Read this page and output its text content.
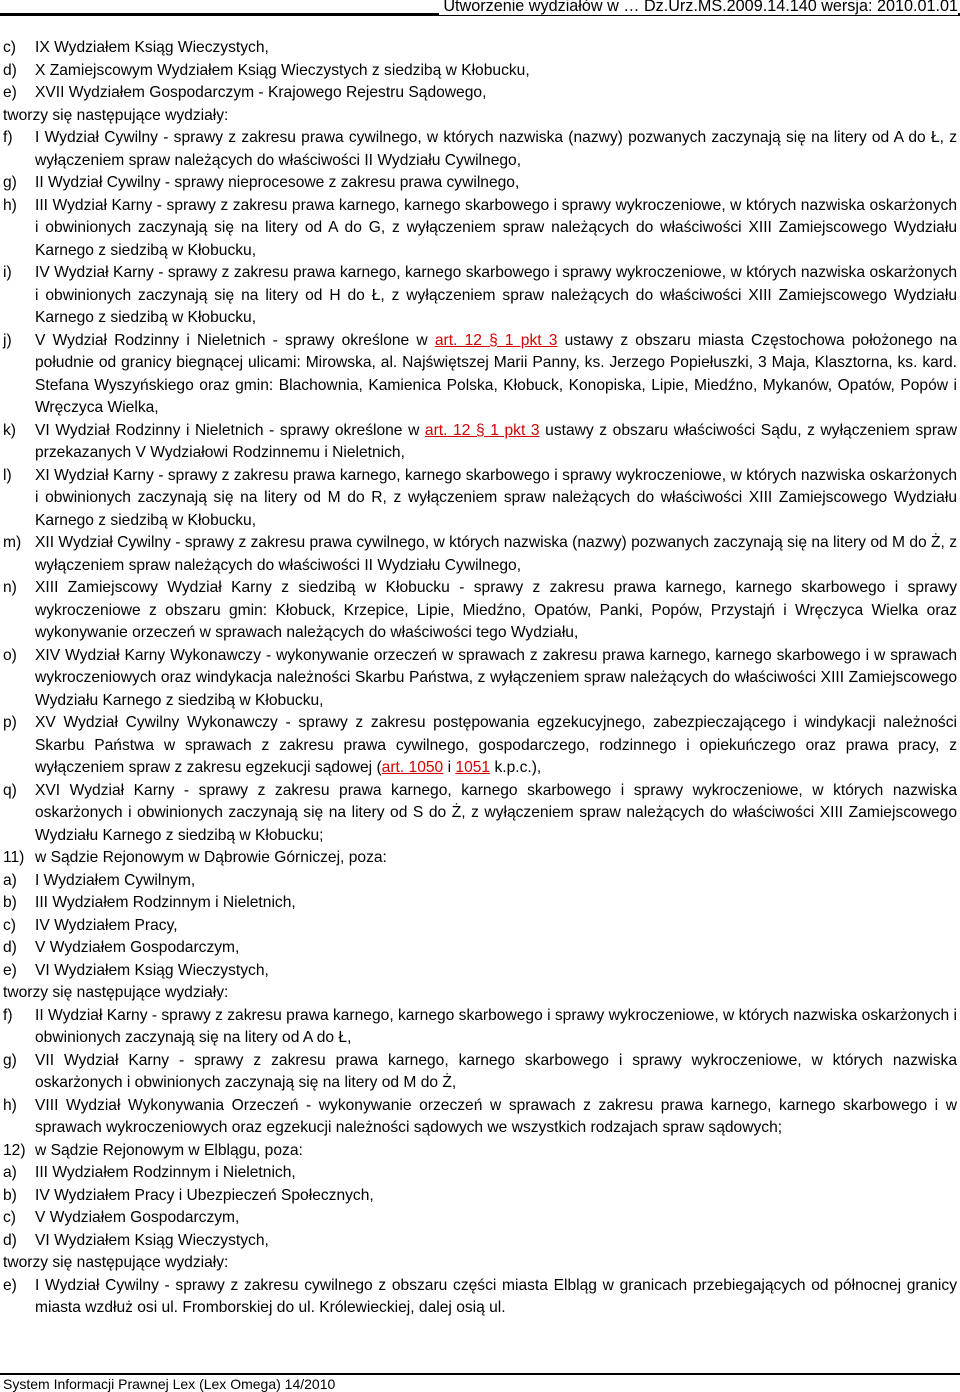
Utworzenie wydziałów w … Dz.Urz.MS.2009.14.140 wersja: 2010.01.01
c) IX Wydziałem Ksiąg Wieczystych,
d) X Zamiejscowym Wydziałem Ksiąg Wieczystych z siedzibą w Kłobucku,
e) XVII Wydziałem Gospodarczym - Krajowego Rejestru Sądowego,
tworzy się następujące wydziały:
f) I Wydział Cywilny - sprawy z zakresu prawa cywilnego, w których nazwiska (nazwy) pozwanych zaczynają się na litery od A do Ł, z wyłączeniem spraw należących do właściwości II Wydziału Cywilnego,
g) II Wydział Cywilny - sprawy nieprocesowe z zakresu prawa cywilnego,
h) III Wydział Karny - sprawy z zakresu prawa karnego, karnego skarbowego i sprawy wykroczeniowe, w których nazwiska oskarżonych i obwinionych zaczynają się na litery od A do G, z wyłączeniem spraw należących do właściwości XIII Zamiejscowego Wydziału Karnego z siedzibą w Kłobucku,
i) IV Wydział Karny - sprawy z zakresu prawa karnego, karnego skarbowego i sprawy wykroczeniowe, w których nazwiska oskarżonych i obwinionych zaczynają się na litery od H do Ł, z wyłączeniem spraw należących do właściwości XIII Zamiejscowego Wydziału Karnego z siedzibą w Kłobucku,
j) V Wydział Rodzinny i Nieletnich - sprawy określone w art. 12 § 1 pkt 3 ustawy z obszaru miasta Częstochowa położonego na południe od granicy biegnącej ulicami: Mirowska, al. Najświętszej Marii Panny, ks. Jerzego Popiełuszki, 3 Maja, Klasztorna, ks. kard. Stefana Wyszyńskiego oraz gmin: Blachownia, Kamienica Polska, Kłobuck, Konopiska, Lipie, Miedźno, Mykanów, Opatów, Popów i Wręczyca Wielka,
k) VI Wydział Rodzinny i Nieletnich - sprawy określone w art. 12 § 1 pkt 3 ustawy z obszaru właściwości Sądu, z wyłączeniem spraw przekazanych V Wydziałowi Rodzinnemu i Nieletnich,
l) XI Wydział Karny - sprawy z zakresu prawa karnego, karnego skarbowego i sprawy wykroczeniowe, w których nazwiska oskarżonych i obwinionych zaczynają się na litery od M do R, z wyłączeniem spraw należących do właściwości XIII Zamiejscowego Wydziału Karnego z siedzibą w Kłobucku,
m) XII Wydział Cywilny - sprawy z zakresu prawa cywilnego, w których nazwiska (nazwy) pozwanych zaczynają się na litery od M do Ż, z wyłączeniem spraw należących do właściwości II Wydziału Cywilnego,
n) XIII Zamiejscowy Wydział Karny z siedzibą w Kłobucku - sprawy z zakresu prawa karnego, karnego skarbowego i sprawy wykroczeniowe z obszaru gmin: Kłobuck, Krzepice, Lipie, Miedźno, Opatów, Panki, Popów, Przystajń i Wręczyca Wielka oraz wykonywanie orzeczeń w sprawach należących do właściwości tego Wydziału,
o) XIV Wydział Karny Wykonawczy - wykonywanie orzeczeń w sprawach z zakresu prawa karnego, karnego skarbowego i w sprawach wykroczeniowych oraz windykacja należności Skarbu Państwa, z wyłączeniem spraw należących do właściwości XIII Zamiejscowego Wydziału Karnego z siedzibą w Kłobucku,
p) XV Wydział Cywilny Wykonawczy - sprawy z zakresu postępowania egzekucyjnego, zabezpieczającego i windykacji należności Skarbu Państwa w sprawach z zakresu prawa cywilnego, gospodarczego, rodzinnego i opiekuńczego oraz prawa pracy, z wyłączeniem spraw z zakresu egzekucji sądowej (art. 1050 i 1051 k.p.c.),
q) XVI Wydział Karny - sprawy z zakresu prawa karnego, karnego skarbowego i sprawy wykroczeniowe, w których nazwiska oskarżonych i obwinionych zaczynają się na litery od S do Ż, z wyłączeniem spraw należących do właściwości XIII Zamiejscowego Wydziału Karnego z siedzibą w Kłobucku;
11) w Sądzie Rejonowym w Dąbrowie Górniczej, poza:
a) I Wydziałem Cywilnym,
b) III Wydziałem Rodzinnym i Nieletnich,
c) IV Wydziałem Pracy,
d) V Wydziałem Gospodarczym,
e) VI Wydziałem Ksiąg Wieczystych,
tworzy się następujące wydziały:
f) II Wydział Karny - sprawy z zakresu prawa karnego, karnego skarbowego i sprawy wykroczeniowe, w których nazwiska oskarżonych i obwinionych zaczynają się na litery od A do Ł,
g) VII Wydział Karny - sprawy z zakresu prawa karnego, karnego skarbowego i sprawy wykroczeniowe, w których nazwiska oskarżonych i obwinionych zaczynają się na litery od M do Ż,
h) VIII Wydział Wykonywania Orzeczeń - wykonywanie orzeczeń w sprawach z zakresu prawa karnego, karnego skarbowego i w sprawach wykroczeniowych oraz egzekucji należności sądowych we wszystkich rodzajach spraw sądowych;
12) w Sądzie Rejonowym w Elblągu, poza:
a) III Wydziałem Rodzinnym i Nieletnich,
b) IV Wydziałem Pracy i Ubezpieczeń Społecznych,
c) V Wydziałem Gospodarczym,
d) VI Wydziałem Ksiąg Wieczystych,
tworzy się następujące wydziały:
e) I Wydział Cywilny - sprawy z zakresu cywilnego z obszaru części miasta Elbląg w granicach przebiegających od północnej granicy miasta wzdłuż osi ul. Fromborskiej do ul. Królewieckiej, dalej osią ul.
System Informacji Prawnej Lex (Lex Omega) 14/2010
